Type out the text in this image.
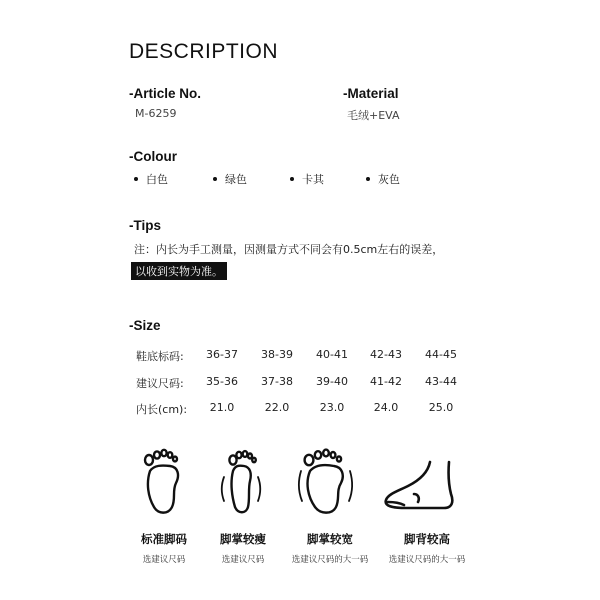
DESCRIPTION
-Article No.
M-6259
-Material
毛绒+EVA
-Colour
白色	绿色	卡其	灰色
-Tips
注：内长为手工测量，因测量方式不同会有0.5cm左右的误差，
以收到实物为准。
-Size
鞋底标码:	36-37	38-39	40-41	42-43	44-45
建议尺码:	35-36	37-38	39-40	41-42	43-44
内长(cm):	21.0	22.0	23.0	24.0	25.0
标准脚码
选建议尺码
脚掌较瘦
选建议尺码
脚掌较宽
选建议尺码的大一码
脚背较高
选建议尺码的大一码
